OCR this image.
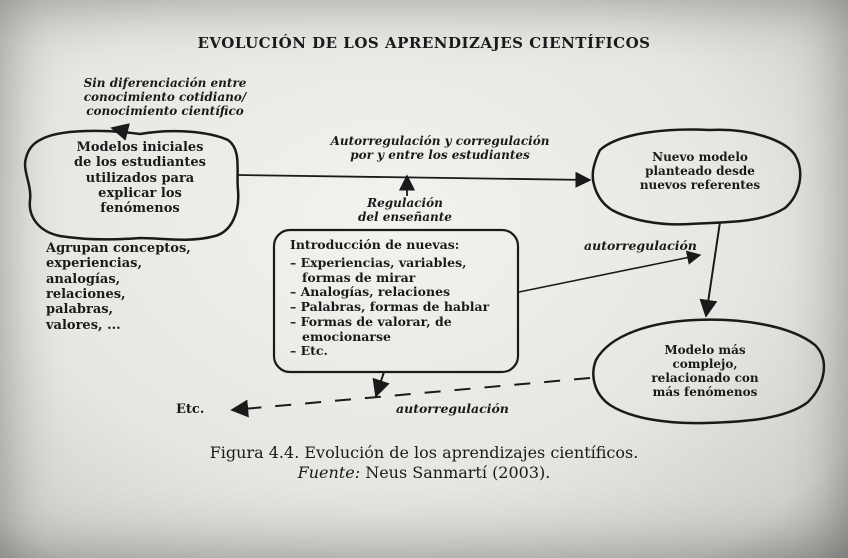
EVOLUCIÓN DE LOS APRENDIZAJES CIENTÍFICOS
Sin diferenciación entre
conocimiento cotidiano/
conocimiento científico
Modelos iniciales
de los estudiantes
utilizados para
explicar los
fenómenos
Agrupan conceptos,
experiencias,
analogías,
relaciones,
palabras,
valores, ...
Autorregulación y corregulación
por y entre los estudiantes
Regulación
del enseñante
Nuevo modelo
planteado desde
nuevos referentes
Introducción de nuevas:
– Experiencias, variables,
formas de mirar
– Analogías, relaciones
– Palabras, formas de hablar
– Formas de valorar, de
emocionarse
– Etc.
autorregulación
Modelo más
complejo,
relacionado con
más fenómenos
autorregulación
Etc.
Figura 4.4. Evolución de los aprendizajes científicos.
Fuente: Neus Sanmartí (2003).
